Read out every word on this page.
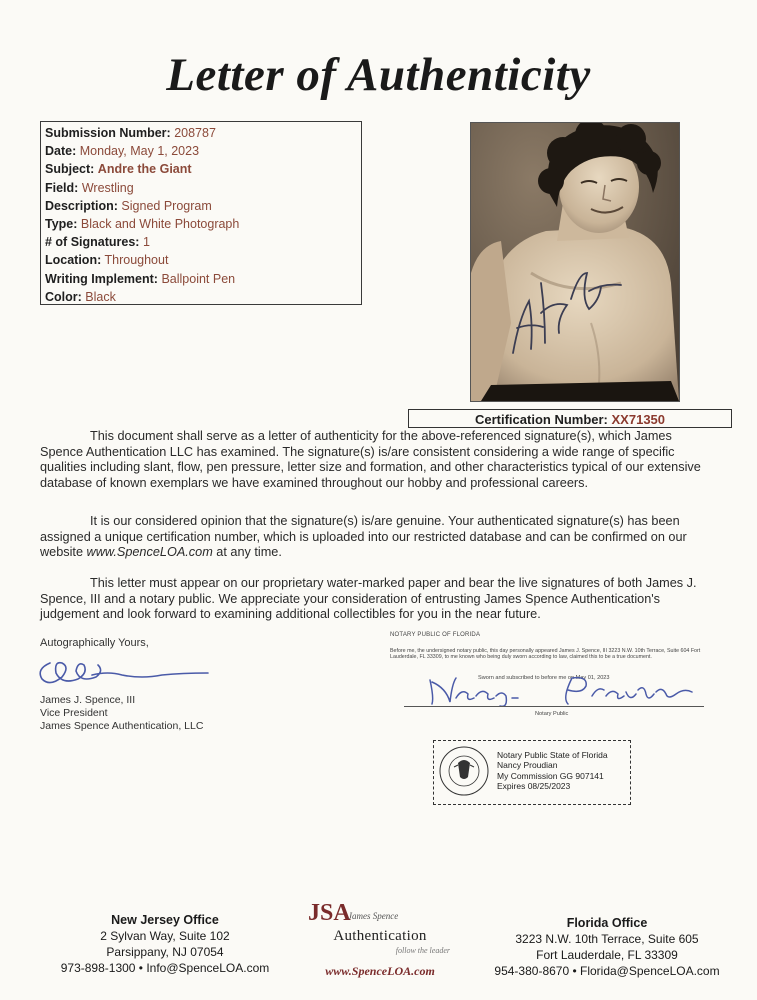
Letter of Authenticity
Submission Number: 208787
Date: Monday, May 1, 2023
Subject: Andre the Giant
Field: Wrestling
Description: Signed Program
Type: Black and White Photograph
# of Signatures: 1
Location: Throughout
Writing Implement: Ballpoint Pen
Color: Black
Certification Number: XX71350
This document shall serve as a letter of authenticity for the above-referenced signature(s), which James Spence Authentication LLC has examined. The signature(s) is/are consistent considering a wide range of specific qualities including slant, flow, pen pressure, letter size and formation, and other characteristics typical of our extensive database of known exemplars we have examined throughout our hobby and professional careers.
It is our considered opinion that the signature(s) is/are genuine. Your authenticated signature(s) has been assigned a unique certification number, which is uploaded into our restricted database and can be confirmed on our website www.SpenceLOA.com at any time.
This letter must appear on our proprietary water-marked paper and bear the live signatures of both James J. Spence, III and a notary public. We appreciate your consideration of entrusting James Spence Authentication's judgement and look forward to examining additional collectibles for you in the near future.
Autographically Yours,
James J. Spence, III
Vice President
James Spence Authentication, LLC
NOTARY PUBLIC OF FLORIDA
Before me, the undersigned notary public, this day personally appeared James J. Spence, III 3223 N.W. 10th Terrace, Suite 604 Fort Lauderdale, FL 33309, to me known who being duly sworn according to law, claimed this to be a true document.
Sworn and subscribed to before me on May 01, 2023
Notary Public
Notary Public State of Florida
Nancy Proudian
My Commission GG 907141
Expires 08/25/2023
New Jersey Office
2 Sylvan Way, Suite 102
Parsippany, NJ 07054
973-898-1300 • Info@SpenceLOA.com
JSA
James Spence
Authentication
follow the leader
www.SpenceLOA.com
Florida Office
3223 N.W. 10th Terrace, Suite 605
Fort Lauderdale, FL 33309
954-380-8670 • Florida@SpenceLOA.com
